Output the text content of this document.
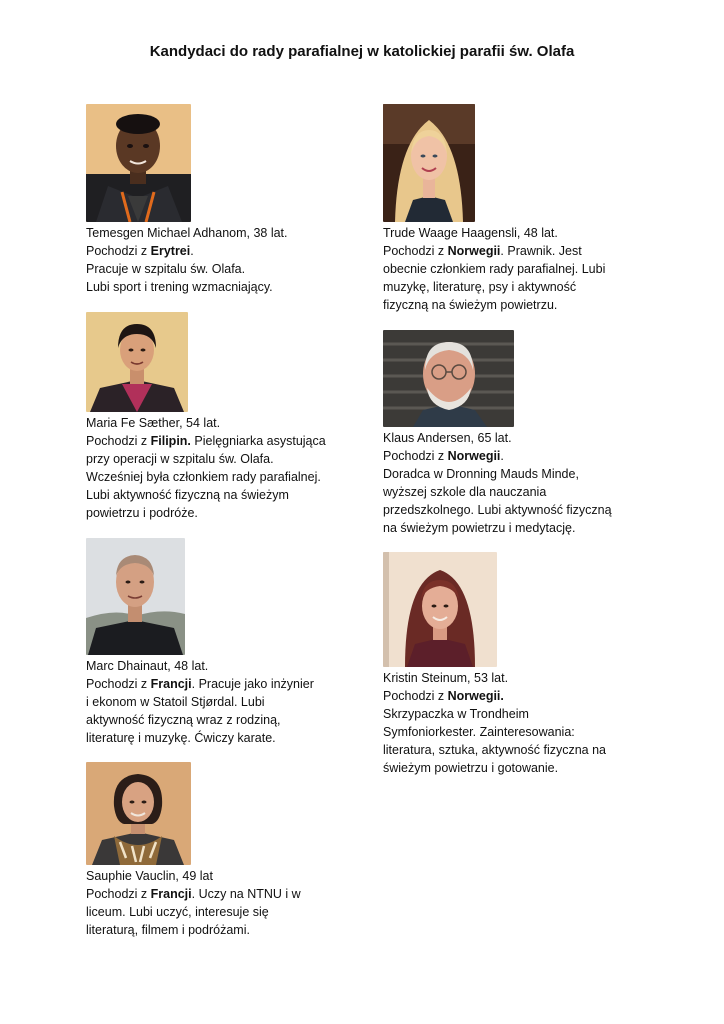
Kandydaci do rady parafialnej w katolickiej parafii św. Olafa
Temesgen Michael Adhanom, 38 lat.
Pochodzi z Erytrei.
Pracuje w szpitalu św. Olafa.
Lubi sport i trening wzmacniający.
Maria Fe Sæther, 54 lat.
Pochodzi z Filipin. Pielęgniarka asystująca
przy operacji w szpitalu św. Olafa.
Wcześniej była członkiem rady parafialnej.
Lubi aktywność fizyczną na świeżym
powietrzu i podróże.
Marc Dhainaut, 48 lat.
Pochodzi z Francji. Pracuje jako inżynier
i ekonom w Statoil Stjørdal. Lubi
aktywność fizyczną wraz z rodziną,
literaturę i muzykę. Ćwiczy karate.
Sauphie Vauclin, 49 lat
Pochodzi z Francji. Uczy na NTNU i w
liceum. Lubi uczyć, interesuje się
literaturą, filmem i podróżami.
Trude Waage Haagensli, 48 lat.
Pochodzi z Norwegii. Prawnik. Jest
obecnie członkiem rady parafialnej. Lubi
muzykę, literaturę, psy i aktywność
fizyczną na świeżym powietrzu.
Klaus Andersen, 65 lat.
Pochodzi z Norwegii.
Doradca w Dronning Mauds Minde,
wyższej szkole dla nauczania
przedszkolnego. Lubi aktywność fizyczną
na świeżym powietrzu i medytację.
Kristin Steinum, 53 lat.
Pochodzi z Norwegii.
Skrzypaczka w Trondheim
Symfoniorkester. Zainteresowania:
literatura, sztuka, aktywność fizyczna na
świeżym powietrzu i gotowanie.
